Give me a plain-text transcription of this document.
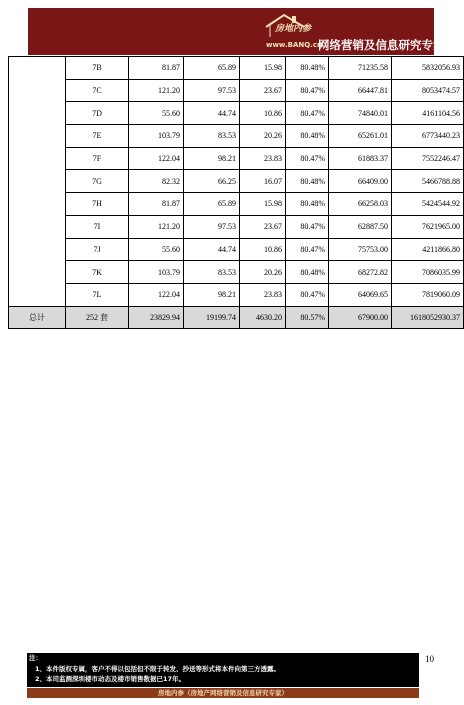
房地内参
www.BANQ.cn
网络营销及信息研究专家
	7B	81.87	65.89	15.98	80.48%	71235.58	5832056.93
	7C	121.20	97.53	23.67	80.47%	66447.81	8053474.57
	7D	55.60	44.74	10.86	80.47%	74840.01	4161104.56
	7E	103.79	83.53	20.26	80.48%	65261.01	6773440.23
	7F	122.04	98.21	23.83	80.47%	61883.37	7552246.47
	7G	82.32	66.25	16.07	80.48%	66409.00	5466788.88
	7H	81.87	65.89	15.98	80.48%	66258.03	5424544.92
	7I	121.20	97.53	23.67	80.47%	62887.50	7621965.00
	7J	55.60	44.74	10.86	80.47%	75753.00	4211866.80
	7K	103.79	83.53	20.26	80.48%	68272.82	7086035.99
	7L	122.04	98.21	23.83	80.47%	64069.65	7819060.09
总计	252 套	23829.94	19199.74	4630.20	80.57%	67900.00	1618052930.37
注：
1、本件版权专属，客户不得以包括但不限于转发、抄送等形式将本件向第三方透露。
2、本司监测深圳楼市动态及楼市销售数据已17年。
10
房地内参（房地产网络营销及信息研究专家）
